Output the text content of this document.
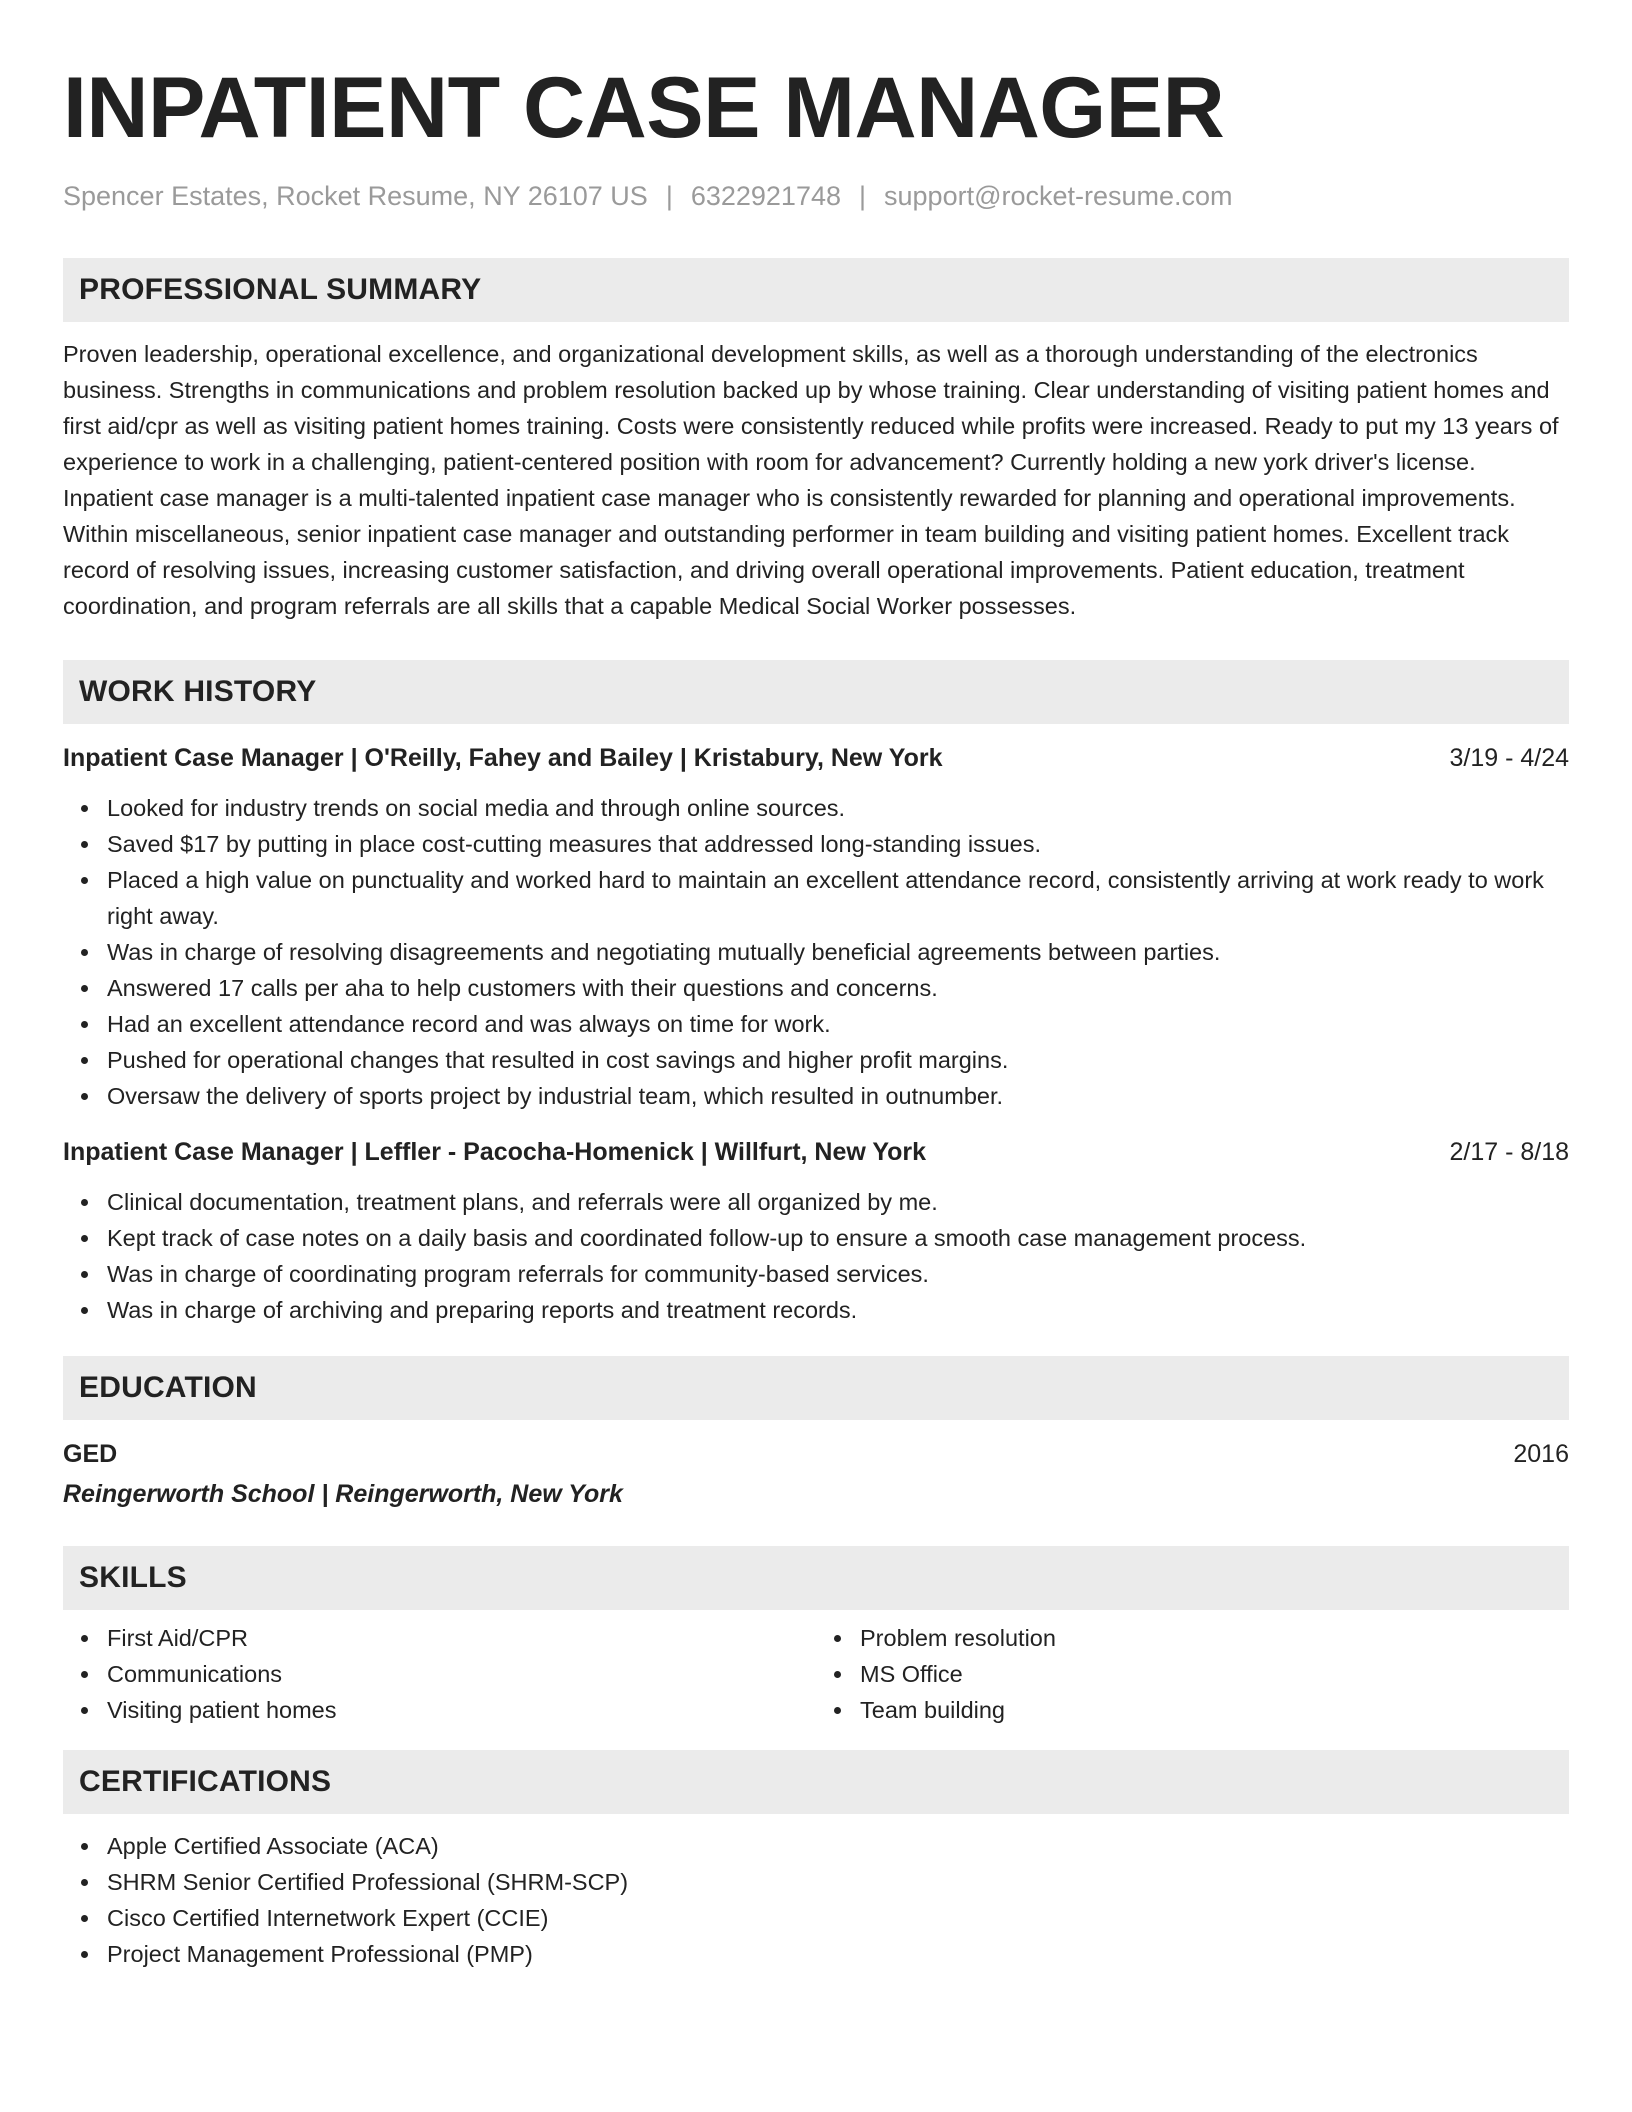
INPATIENT CASE MANAGER
Spencer Estates, Rocket Resume, NY 26107 US | 6322921748 | support@rocket-resume.com
PROFESSIONAL SUMMARY
Proven leadership, operational excellence, and organizational development skills, as well as a thorough understanding of the electronics business. Strengths in communications and problem resolution backed up by whose training. Clear understanding of visiting patient homes and first aid/cpr as well as visiting patient homes training. Costs were consistently reduced while profits were increased. Ready to put my 13 years of experience to work in a challenging, patient-centered position with room for advancement? Currently holding a new york driver's license. Inpatient case manager is a multi-talented inpatient case manager who is consistently rewarded for planning and operational improvements. Within miscellaneous, senior inpatient case manager and outstanding performer in team building and visiting patient homes. Excellent track record of resolving issues, increasing customer satisfaction, and driving overall operational improvements. Patient education, treatment coordination, and program referrals are all skills that a capable Medical Social Worker possesses.
WORK HISTORY
Inpatient Case Manager | O'Reilly, Fahey and Bailey | Kristabury, New York	3/19 - 4/24
Looked for industry trends on social media and through online sources.
Saved $17 by putting in place cost-cutting measures that addressed long-standing issues.
Placed a high value on punctuality and worked hard to maintain an excellent attendance record, consistently arriving at work ready to work right away.
Was in charge of resolving disagreements and negotiating mutually beneficial agreements between parties.
Answered 17 calls per aha to help customers with their questions and concerns.
Had an excellent attendance record and was always on time for work.
Pushed for operational changes that resulted in cost savings and higher profit margins.
Oversaw the delivery of sports project by industrial team, which resulted in outnumber.
Inpatient Case Manager | Leffler - Pacocha-Homenick | Willfurt, New York	2/17 - 8/18
Clinical documentation, treatment plans, and referrals were all organized by me.
Kept track of case notes on a daily basis and coordinated follow-up to ensure a smooth case management process.
Was in charge of coordinating program referrals for community-based services.
Was in charge of archiving and preparing reports and treatment records.
EDUCATION
GED	2016
Reingerworth School | Reingerworth, New York
SKILLS
First Aid/CPR
Communications
Visiting patient homes
Problem resolution
MS Office
Team building
CERTIFICATIONS
Apple Certified Associate (ACA)
SHRM Senior Certified Professional (SHRM-SCP)
Cisco Certified Internetwork Expert (CCIE)
Project Management Professional (PMP)
